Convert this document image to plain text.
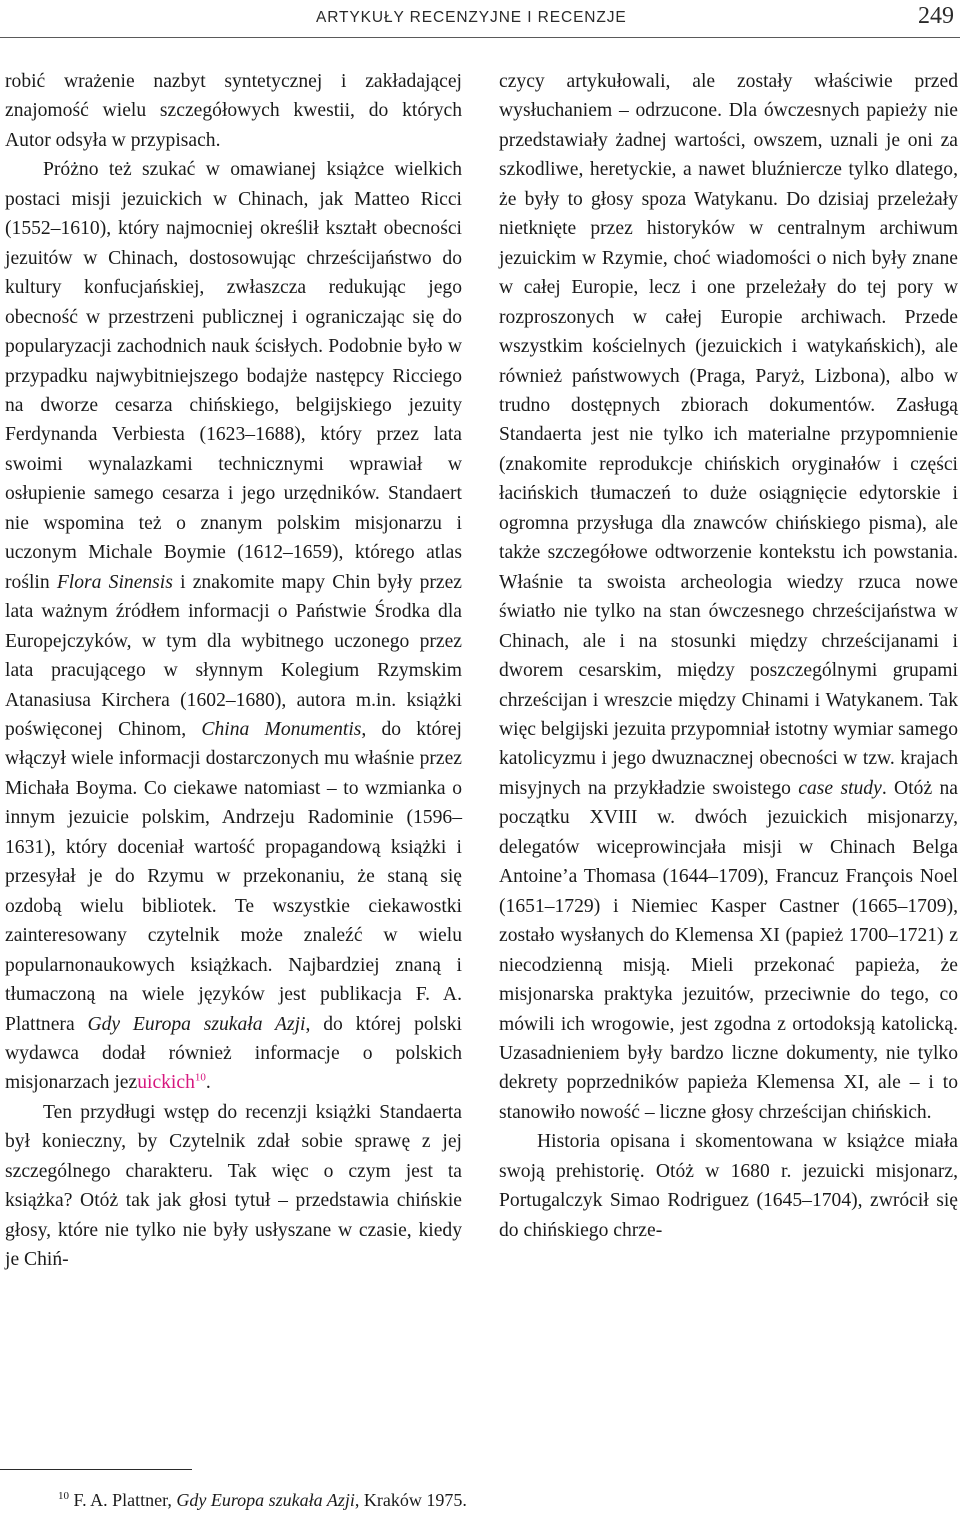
ARTYKUŁY RECENZYJNE I RECENZJE	249

robić wrażenie nazbyt syntetycznej i zakładającej znajomość wielu szczegółowych kwestii, do których Autor odsyła w przypisach.

Próżno też szukać w omawianej książce wielkich postaci misji jezuickich w Chinach, jak Matteo Ricci (1552–1610), który najmocniej określił kształt obecności jezuitów w Chinach, dostosowując chrześcijaństwo do kultury konfucjańskiej, zwłaszcza redukując jego obecność w przestrzeni publicznej i ograniczając się do popularyzacji zachodnich nauk ścisłych. Podobnie było w przypadku najwybitniejszego bodajże następcy Ricciego na dworze cesarza chińskiego, belgijskiego jezuity Ferdynanda Verbiesta (1623–1688), który przez lata swoimi wynalazkami technicznymi wprawiał w osłupienie samego cesarza i jego urzędników. Standaert nie wspomina też o znanym polskim misjonarzu i uczonym Michale Boymie (1612–1659), którego atlas roślin Flora Sinensis i znakomite mapy Chin były przez lata ważnym źródłem informacji o Państwie Środka dla Europejczyków, w tym dla wybitnego uczonego przez lata pracującego w słynnym Kolegium Rzymskim Atanasiusa Kirchera (1602–1680), autora m.in. książki poświęconej Chinom, China Monumentis, do której włączył wiele informacji dostarczonych mu właśnie przez Michała Boyma. Co ciekawe natomiast – to wzmianka o innym jezuicie polskim, Andrzeju Radominie (1596–1631), który doceniał wartość propagandową książki i przesyłał je do Rzymu w przekonaniu, że staną się ozdobą wielu bibliotek. Te wszystkie ciekawostki zainteresowany czytelnik może znaleźć w wielu popularnonaukowych książkach. Najbardziej znaną i tłumaczoną na wiele języków jest publikacja F. A. Plattnera Gdy Europa szukała Azji, do której polski wydawca dodał również informacje o polskich misjonarzach jezuickich$^{10}$.

Ten przydługi wstęp do recenzji książki Standaerta był konieczny, by Czytelnik zdał sobie sprawę z jej szczególnego charakteru. Tak więc o czym jest ta książka? Otóż tak jak głosi tytuł – przedstawia chińskie głosy, które nie tylko nie były usłyszane w czasie, kiedy je Chiń-

czycy artykułowali, ale zostały właściwie przed wysłuchaniem – odrzucone. Dla ówczesnych papieży nie przedstawiały żadnej wartości, owszem, uznali je oni za szkodliwe, heretyckie, a nawet bluźniercze tylko dlatego, że były to głosy spoza Watykanu. Do dzisiaj przeleżały nietknięte przez historyków w centralnym archiwum jezuickim w Rzymie, choć wiadomości o nich były znane w całej Europie, lecz i one przeleżały do tej pory w rozproszonych w całej Europie archiwach. Przede wszystkim kościelnych (jezuickich i watykańskich), ale również państwowych (Praga, Paryż, Lizbona), albo w trudno dostępnych zbiorach dokumentów. Zasługą Standaerta jest nie tylko ich materialne przypomnienie (znakomite reprodukcje chińskich oryginałów i części łacińskich tłumaczeń to duże osiągnięcie edytorskie i ogromna przysługa dla znawców chińskiego pisma), ale także szczegółowe odtworzenie kontekstu ich powstania. Właśnie ta swoista archeologia wiedzy rzuca nowe światło nie tylko na stan ówczesnego chrześcijaństwa w Chinach, ale i na stosunki między chrześcijanami i dworem cesarskim, między poszczególnymi grupami chrześcijan i wreszcie między Chinami i Watykanem. Tak więc belgijski jezuita przypomniał istotny wymiar samego katolicyzmu i jego dwuznacznej obecności w tzw. krajach misyjnych na przykładzie swoistego case study. Otóż na początku XVIII w. dwóch jezuickich misjonarzy, delegatów wiceprowincjała misji w Chinach Belga Antoine’a Thomasa (1644–1709), Francuz François Noel (1651–1729) i Niemiec Kasper Castner (1665–1709), zostało wysłanych do Klemensa XI (papież 1700–1721) z niecodzienną misją. Mieli przekonać papieża, że misjonarska praktyka jezuitów, przeciwnie do tego, co mówili ich wrogowie, jest zgodna z ortodoksją katolicką. Uzasadnieniem były bardzo liczne dokumenty, nie tylko dekrety poprzedników papieża Klemensa XI, ale – i to stanowiło nowość – liczne głosy chrześcijan chińskich.

Historia opisana i skomentowana w książce miała swoją prehistorię. Otóż w 1680 r. jezuicki misjonarz, Portugalczyk Simao Rodriguez (1645–1704), zwrócił się do chińskiego chrze-

$^{10}$ F. A. Plattner, Gdy Europa szukała Azji, Kraków 1975.
